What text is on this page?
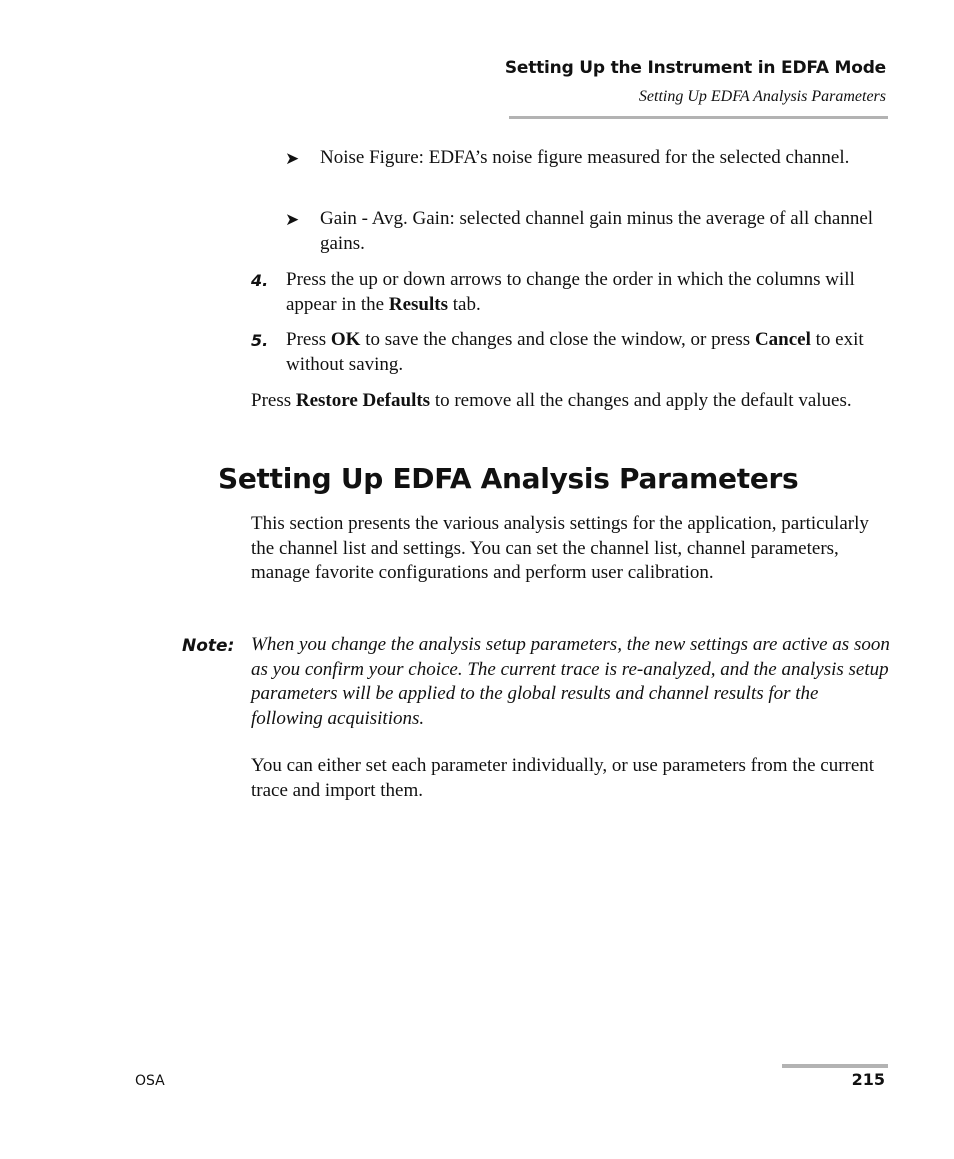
Setting Up the Instrument in EDFA Mode
Setting Up EDFA Analysis Parameters
➤ Noise Figure: EDFA’s noise figure measured for the selected channel.
➤ Gain - Avg. Gain: selected channel gain minus the average of all channel gains.
4. Press the up or down arrows to change the order in which the columns will appear in the Results tab.
5. Press OK to save the changes and close the window, or press Cancel to exit without saving.
Press Restore Defaults to remove all the changes and apply the default values.
Setting Up EDFA Analysis Parameters
This section presents the various analysis settings for the application, particularly the channel list and settings. You can set the channel list, channel parameters, manage favorite configurations and perform user calibration.
Note: When you change the analysis setup parameters, the new settings are active as soon as you confirm your choice. The current trace is re-analyzed, and the analysis setup parameters will be applied to the global results and channel results for the following acquisitions.
You can either set each parameter individually, or use parameters from the current trace and import them.
OSA	215
